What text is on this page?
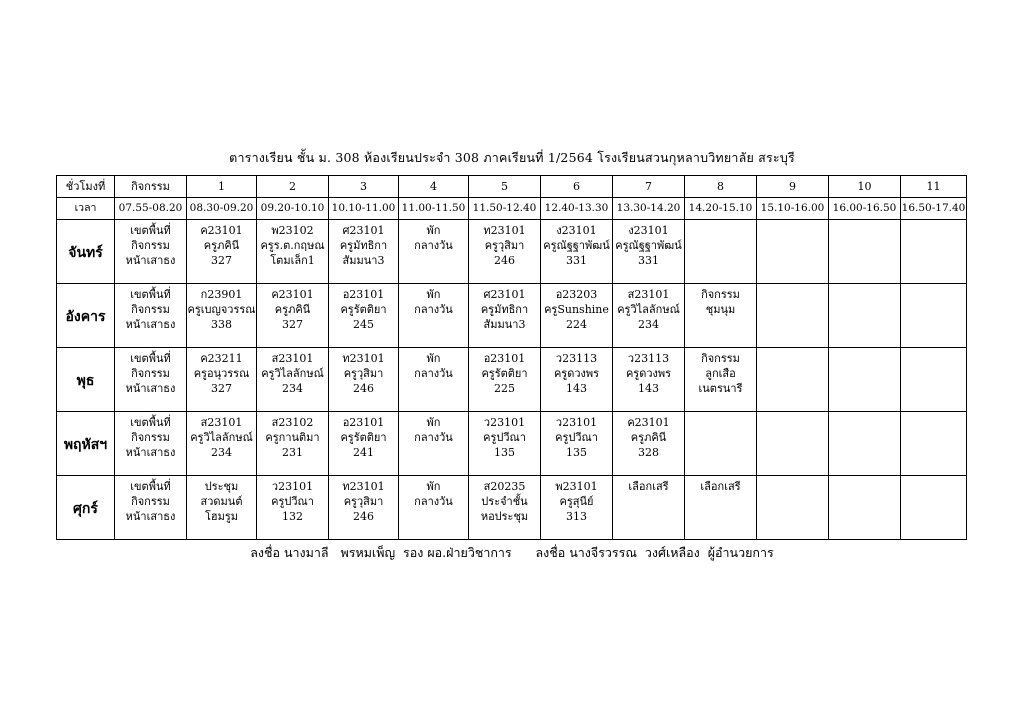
ตารางเรียน ชั้น ม. 308 ห้องเรียนประจำ 308 ภาคเรียนที่ 1/2564 โรงเรียนสวนกุหลาบวิทยาลัย สระบุรี
ชั่วโมงที่	กิจกรรม	1	2	3	4	5	6	7	8	9	10	11
เวลา	07.55-08.20	08.30-09.20	09.20-10.10	10.10-11.00	11.00-11.50	11.50-12.40	12.40-13.30	13.30-14.20	14.20-15.10	15.10-16.00	16.00-16.50	16.50-17.40
จันทร์	เขตพื้นที่
กิจกรรม
หน้าเสาธง	ค23101
ครูภคินี
327	พ23102
ครูร.ต.กฤษณ
โตมเล็ก1	ศ23101
ครูมัทธิกา
สัมมนา3	พัก
กลางวัน	ท23101
ครูวุสิมา
246	ง23101
ครูณัฐฐาพัฒน์
331	ง23101
ครูณัฐฐาพัฒน์
331				

อังคาร	เขตพื้นที่
กิจกรรม
หน้าเสาธง	ก23901
ครูเบญจวรรณ
338	ค23101
ครูภคินี
327	อ23101
ครูรัตติยา
245	พัก
กลางวัน	ศ23101
ครูมัทธิกา
สัมมนา3	อ23203
ครูSunshine
224	ส23101
ครูวิไลลักษณ์
234	กิจกรรม
ชุมนุม			

พุธ	เขตพื้นที่
กิจกรรม
หน้าเสาธง	ค23211
ครูอนุวรรณ
327	ส23101
ครูวิไลลักษณ์
234	ท23101
ครูวุสิมา
246	พัก
กลางวัน	อ23101
ครูรัตติยา
225	ว23113
ครูดวงพร
143	ว23113
ครูดวงพร
143	กิจกรรม
ลูกเสือ
เนตรนารี			

พฤหัสฯ	เขตพื้นที่
กิจกรรม
หน้าเสาธง	ส23101
ครูวิไลลักษณ์
234	ส23102
ครูกานติมา
231	อ23101
ครูรัตติยา
241	พัก
กลางวัน	ว23101
ครูปวีณา
135	ว23101
ครูปวีณา
135	ค23101
ครูภคินี
328				

ศุกร์	เขตพื้นที่
กิจกรรม
หน้าเสาธง	ประชุม
สวดมนต์
โฮมรูม	ว23101
ครูปวีณา
132	ท23101
ครูวุสิมา
246	พัก
กลางวัน	ส20235
ประจำชั้น
หอประชุม	พ23101
ครูสุนีย์
313	เลือกเสรี	เลือกเสรี			

ลงชื่อ นางมาลี   พรหมเพ็ญ  รอง ผอ.ฝ่ายวิชาการ      ลงชื่อ นางจีรวรรณ  วงศ์เหลือง  ผู้อำนวยการ
